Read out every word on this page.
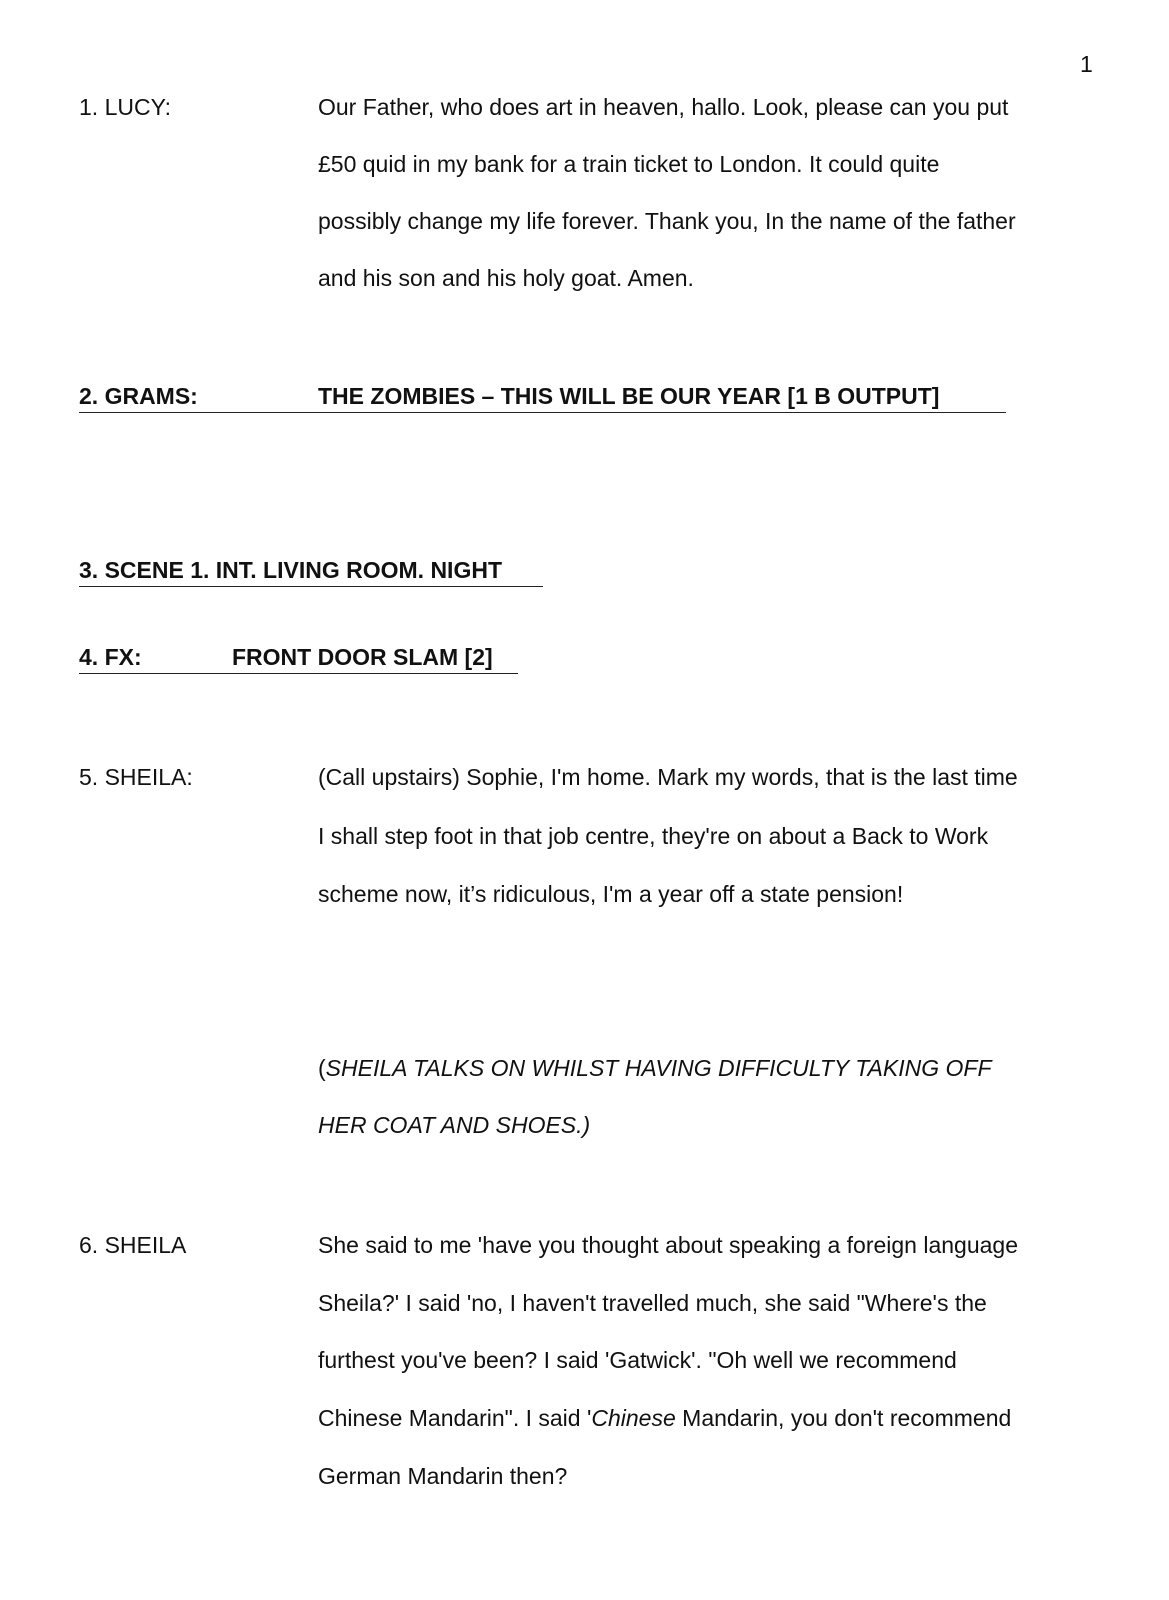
1
1. LUCY:	Our Father, who does art in heaven, hallo. Look, please can you put
£50 quid in my bank for a train ticket to London. It could quite
possibly change my life forever. Thank you, In the name of the father
and his son and his holy goat. Amen.
2. GRAMS:	THE ZOMBIES – THIS WILL BE OUR YEAR [1 B OUTPUT]
3. SCENE 1. INT. LIVING ROOM. NIGHT
4. FX:	FRONT DOOR SLAM [2]
5. SHEILA:	(Call upstairs) Sophie, I'm home. Mark my words, that is the last time
I shall step foot in that job centre, they're on about a Back to Work
scheme now, it’s ridiculous, I'm a year off a state pension!
(SHEILA TALKS ON WHILST HAVING DIFFICULTY TAKING OFF
HER COAT AND SHOES.)
6. SHEILA	She said to me 'have you thought about speaking a foreign language
Sheila?' I said 'no, I haven't travelled much, she said "Where's the
furthest you've been? I said 'Gatwick'. "Oh well we recommend
Chinese Mandarin". I said 'Chinese Mandarin, you don't recommend
German Mandarin then?
